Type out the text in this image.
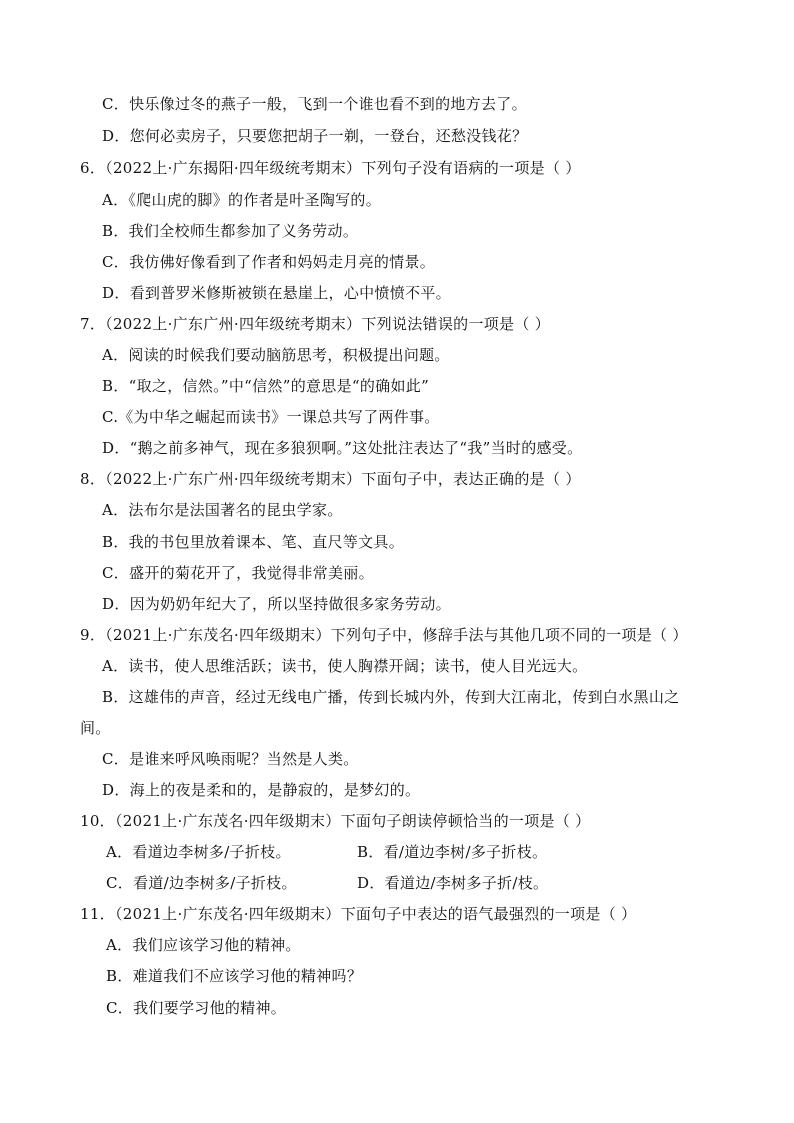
C．快乐像过冬的燕子一般，飞到一个谁也看不到的地方去了。
D．您何必卖房子，只要您把胡子一剃，一登台，还愁没钱花？
6．（2022上·广东揭阳·四年级统考期末）下列句子没有语病的一项是（ ）
A．《爬山虎的脚》的作者是叶圣陶写的。
B．我们全校师生都参加了义务劳动。
C．我仿佛好像看到了作者和妈妈走月亮的情景。
D．看到普罗米修斯被锁在悬崖上，心中愤愤不平。
7．（2022上·广东广州·四年级统考期末）下列说法错误的一项是（ ）
A．阅读的时候我们要动脑筋思考，积极提出问题。
B．“取之，信然。”中“信然”的意思是“的确如此”
C.《为中华之崛起而读书》一课总共写了两件事。
D．“鹅之前多神气，现在多狼狈啊。”这处批注表达了“我”当时的感受。
8．（2022上·广东广州·四年级统考期末）下面句子中，表达正确的是（ ）
A．法布尔是法国著名的昆虫学家。
B．我的书包里放着课本、笔、直尺等文具。
C．盛开的菊花开了，我觉得非常美丽。
D．因为奶奶年纪大了，所以坚持做很多家务劳动。
9．（2021上·广东茂名·四年级期末）下列句子中，修辞手法与其他几项不同的一项是（ ）
A．读书，使人思维活跃；读书，使人胸襟开阔；读书，使人目光远大。
B．这雄伟的声音，经过无线电广播，传到长城内外，传到大江南北，传到白水黑山之
间。
C．是谁来呼风唤雨呢？当然是人类。
D．海上的夜是柔和的，是静寂的，是梦幻的。
10．（2021上·广东茂名·四年级期末）下面句子朗读停顿恰当的一项是（ ）
A．看道边李树多/子折枝。	B．看/道边李树/多子折枝。
C．看道/边李树多/子折枝。	D．看道边/李树多子折/枝。
11．（2021上·广东茂名·四年级期末）下面句子中表达的语气最强烈的一项是（ ）
A．我们应该学习他的精神。
B．难道我们不应该学习他的精神吗？
C．我们要学习他的精神。
